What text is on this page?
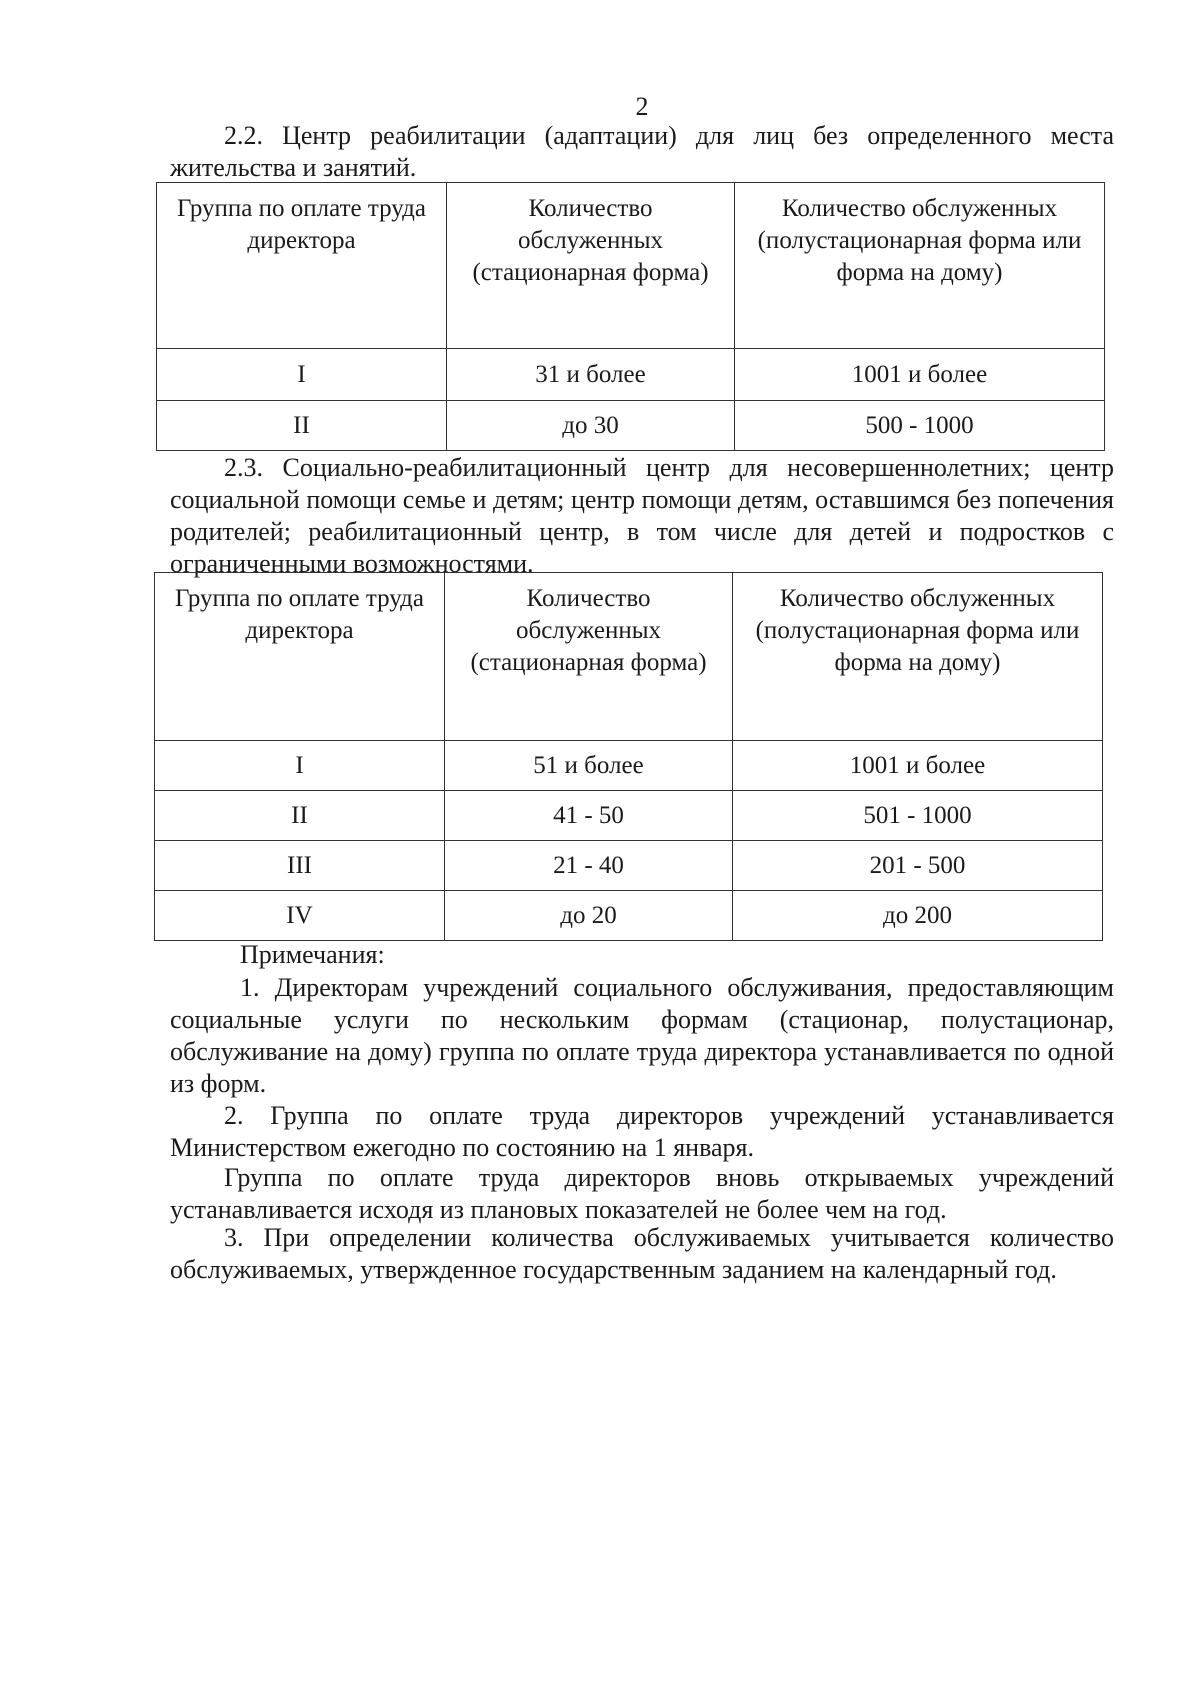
2
2.2. Центр реабилитации (адаптации) для лиц без определенного места жительства и занятий.
Группа по оплате труда директора	Количество обслуженных (стационарная форма)	Количество обслуженных (полустационарная форма или форма на дому)
I	31 и более	1001 и более
II	до 30	500 - 1000
2.3. Социально-реабилитационный центр для несовершеннолетних; центр социальной помощи семье и детям; центр помощи детям, оставшимся без попечения родителей; реабилитационный центр, в том числе для детей и подростков с ограниченными возможностями.
Группа по оплате труда директора	Количество обслуженных (стационарная форма)	Количество обслуженных (полустационарная форма или форма на дому)
I	51 и более	1001 и более
II	41 - 50	501 - 1000
III	21 - 40	201 - 500
IV	до 20	до 200
Примечания:
1. Директорам учреждений социального обслуживания, предоставляющим социальные услуги по нескольким формам (стационар, полустационар, обслуживание на дому) группа по оплате труда директора устанавливается по одной из форм.
2. Группа по оплате труда директоров учреждений устанавливается Министерством ежегодно по состоянию на 1 января.
Группа по оплате труда директоров вновь открываемых учреждений устанавливается исходя из плановых показателей не более чем на год.
3. При определении количества обслуживаемых учитывается количество обслуживаемых, утвержденное государственным заданием на календарный год.
